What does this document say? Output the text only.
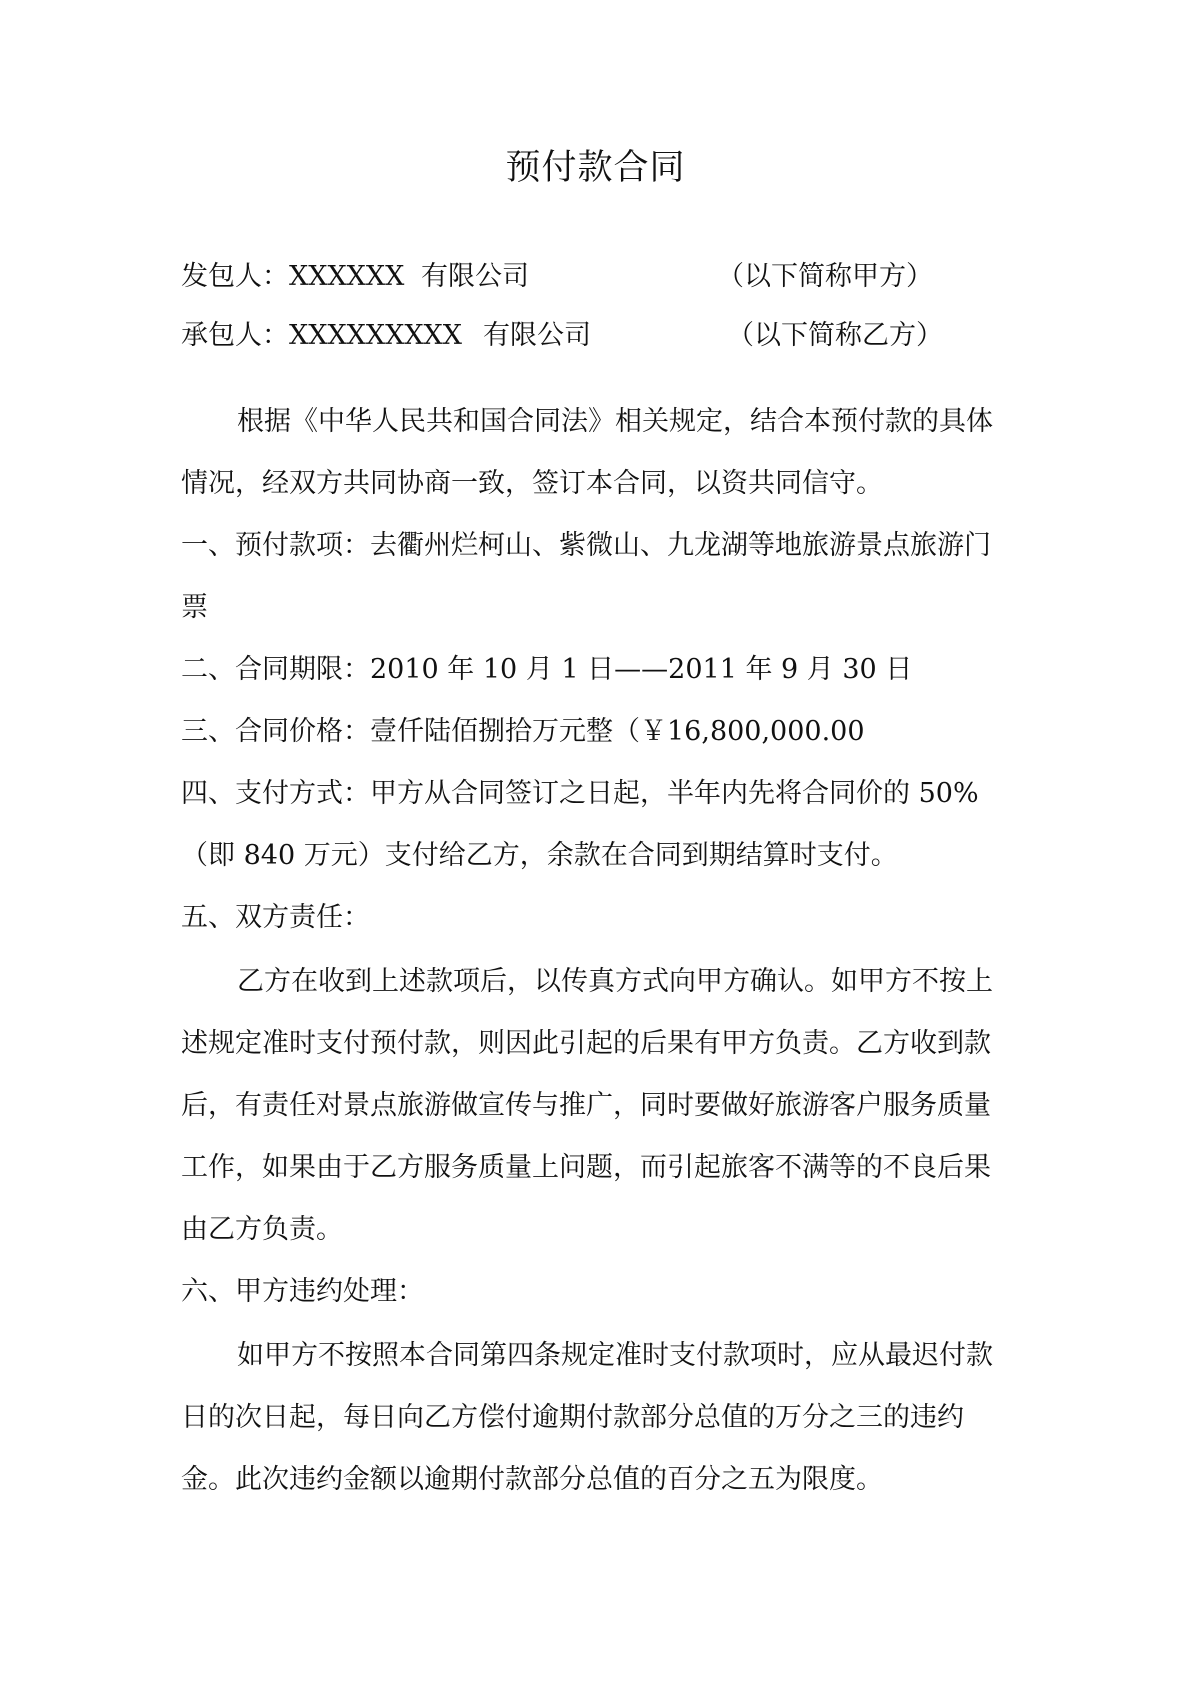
预付款合同
发包人：XXXXXX 有限公司	（以下简称甲方）
承包人：XXXXXXXXX 有限公司	（以下简称乙方）
根据《中华人民共和国合同法》相关规定，结合本预付款的具体
情况，经双方共同协商一致，签订本合同，以资共同信守。
一、预付款项：去衢州烂柯山、紫微山、九龙湖等地旅游景点旅游门
票
二、合同期限：2010 年 10 月 1 日——2011 年 9 月 30 日
三、合同价格：壹仟陆佰捌拾万元整（￥16,800,000.00
四、支付方式：甲方从合同签订之日起，半年内先将合同价的 50%
（即 840 万元）支付给乙方，余款在合同到期结算时支付。
五、双方责任：
乙方在收到上述款项后，以传真方式向甲方确认。如甲方不按上
述规定准时支付预付款，则因此引起的后果有甲方负责。乙方收到款
后，有责任对景点旅游做宣传与推广，同时要做好旅游客户服务质量
工作，如果由于乙方服务质量上问题，而引起旅客不满等的不良后果
由乙方负责。
六、甲方违约处理：
如甲方不按照本合同第四条规定准时支付款项时，应从最迟付款
日的次日起，每日向乙方偿付逾期付款部分总值的万分之三的违约
金。此次违约金额以逾期付款部分总值的百分之五为限度。
